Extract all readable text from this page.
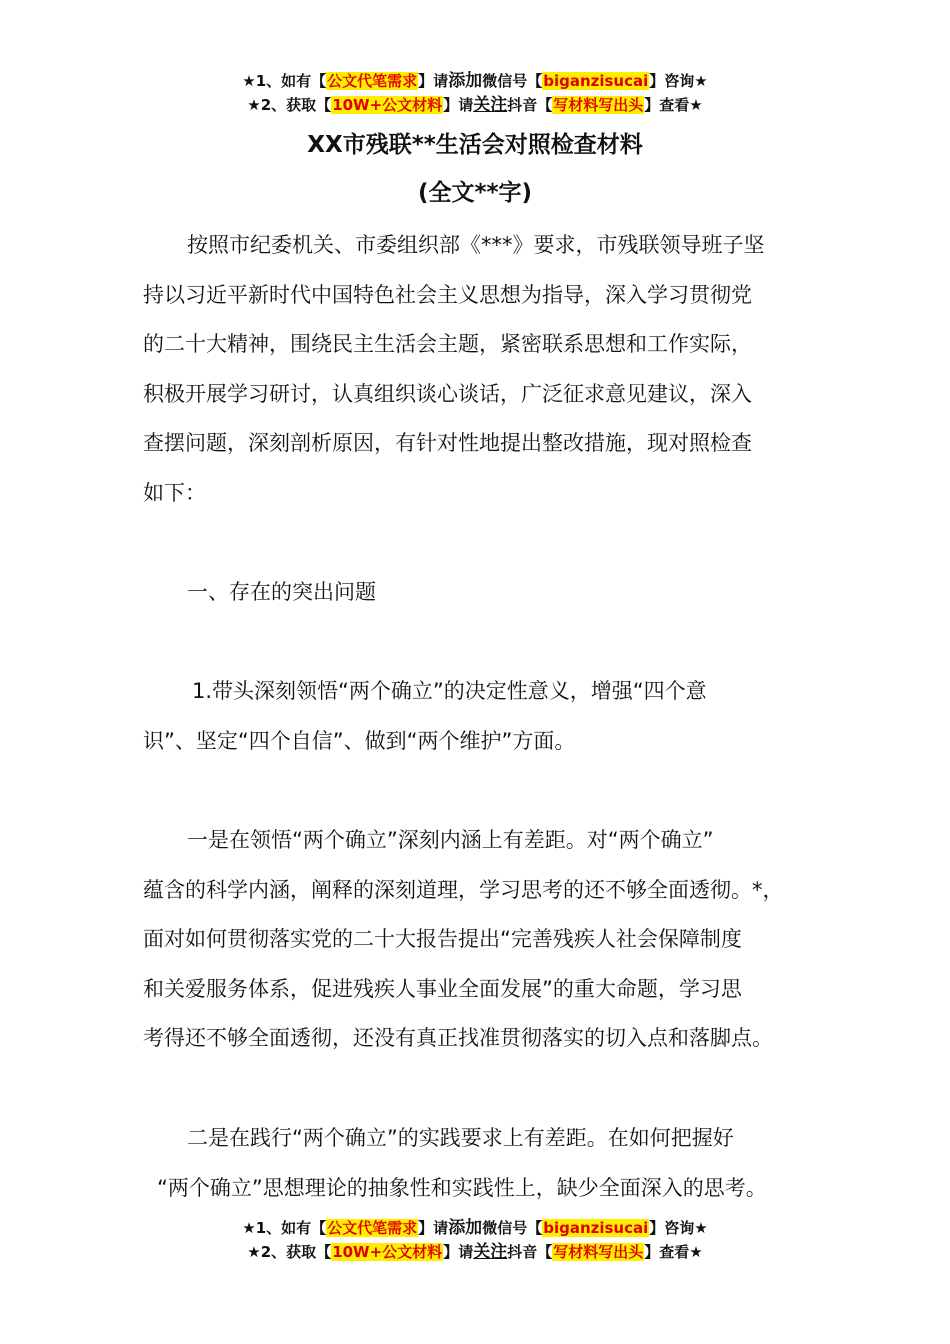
★1、如有【公文代笔需求】请添加微信号【biganzisucai】咨询★
★2、获取【10W+公文材料】请关注抖音【写材料写出头】查看★
XX市残联**生活会对照检查材料
(全文**字)
按照市纪委机关、市委组织部《***》要求，市残联领导班子坚
持以习近平新时代中国特色社会主义思想为指导，深入学习贯彻党
的二十大精神，围绕民主生活会主题，紧密联系思想和工作实际，
积极开展学习研讨，认真组织谈心谈话，广泛征求意见建议，深入
查摆问题，深刻剖析原因，有针对性地提出整改措施，现对照检查
如下：
一、存在的突出问题
1.带头深刻领悟“两个确立”的决定性意义，增强“四个意
识”、坚定“四个自信”、做到“两个维护”方面。
一是在领悟“两个确立”深刻内涵上有差距。对“两个确立”
蕴含的科学内涵，阐释的深刻道理，学习思考的还不够全面透彻。*，
面对如何贯彻落实党的二十大报告提出“完善残疾人社会保障制度
和关爱服务体系，促进残疾人事业全面发展”的重大命题，学习思
考得还不够全面透彻，还没有真正找准贯彻落实的切入点和落脚点。
二是在践行“两个确立”的实践要求上有差距。在如何把握好
“两个确立”思想理论的抽象性和实践性上，缺少全面深入的思考。
★1、如有【公文代笔需求】请添加微信号【biganzisucai】咨询★
★2、获取【10W+公文材料】请关注抖音【写材料写出头】查看★
